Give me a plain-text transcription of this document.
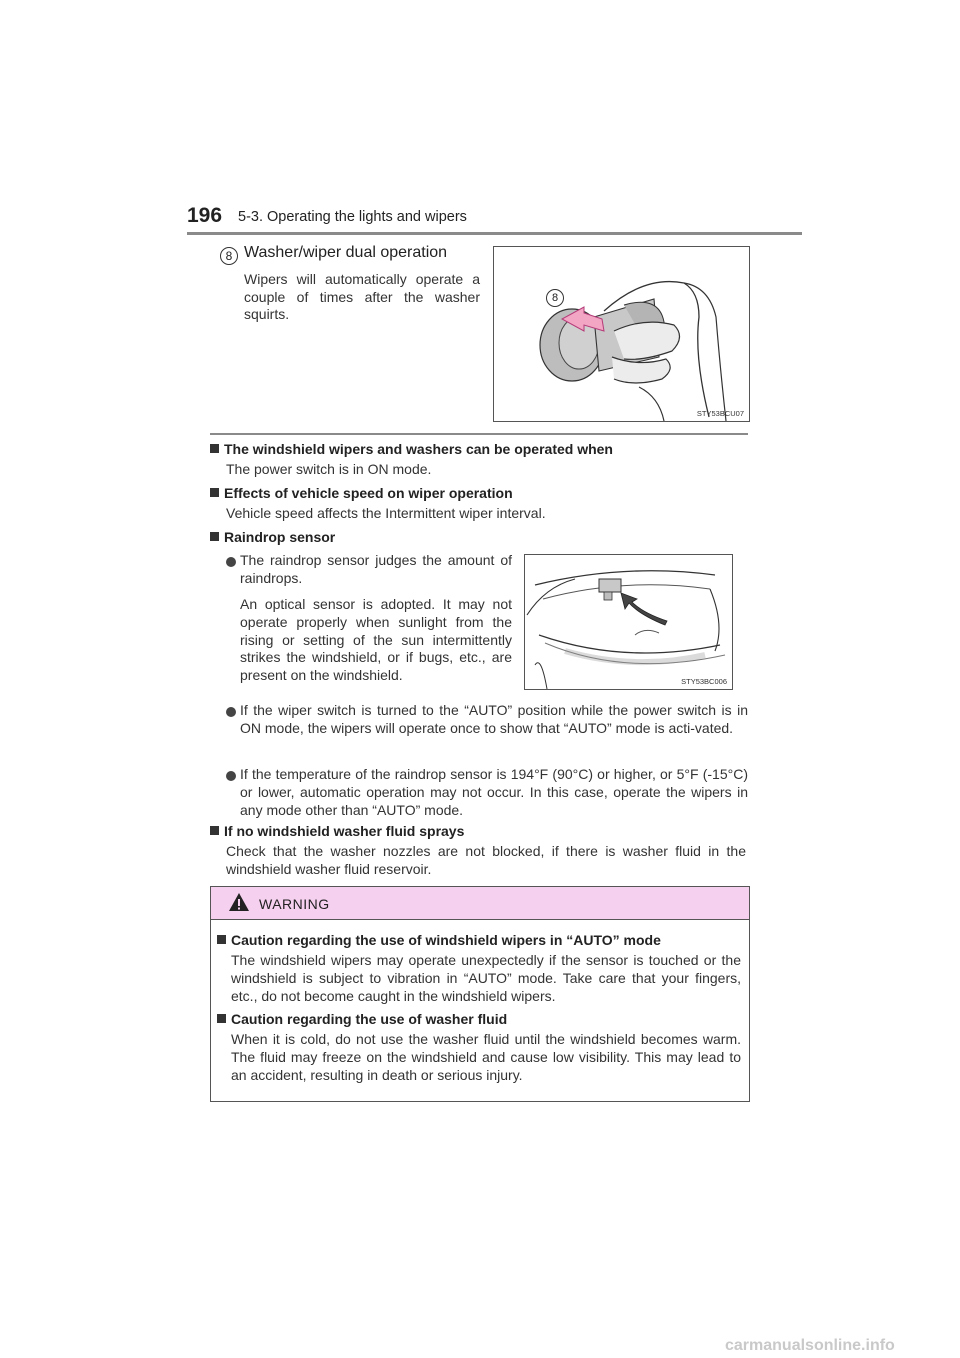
196 5-3. Operating the lights and wipers
8 Washer/wiper dual operation
Wipers will automatically operate a couple of times after the washer squirts.
8
STY53BCU07
The windshield wipers and washers can be operated when
The power switch is in ON mode.
Effects of vehicle speed on wiper operation
Vehicle speed affects the Intermittent wiper interval.
Raindrop sensor
The raindrop sensor judges the amount of raindrops.
An optical sensor is adopted. It may not operate properly when sunlight from the rising or setting of the sun intermittently strikes the windshield, or if bugs, etc., are present on the windshield.	STY53BC006
If the wiper switch is turned to the “AUTO” position while the power switch is in ON mode, the wipers will operate once to show that “AUTO” mode is acti-vated.
If the temperature of the raindrop sensor is 194°F (90°C) or higher, or 5°F (-15°C) or lower, automatic operation may not occur. In this case, operate the wipers in any mode other than “AUTO” mode.
If no windshield washer fluid sprays
Check that the washer nozzles are not blocked, if there is washer fluid in the windshield washer fluid reservoir.
WARNING
Caution regarding the use of windshield wipers in “AUTO” mode
The windshield wipers may operate unexpectedly if the sensor is touched or the windshield is subject to vibration in “AUTO” mode. Take care that your fingers, etc., do not become caught in the windshield wipers.
Caution regarding the use of washer fluid
When it is cold, do not use the washer fluid until the windshield becomes warm. The fluid may freeze on the windshield and cause low visibility. This may lead to an accident, resulting in death or serious injury.
carmanualsonline.info
